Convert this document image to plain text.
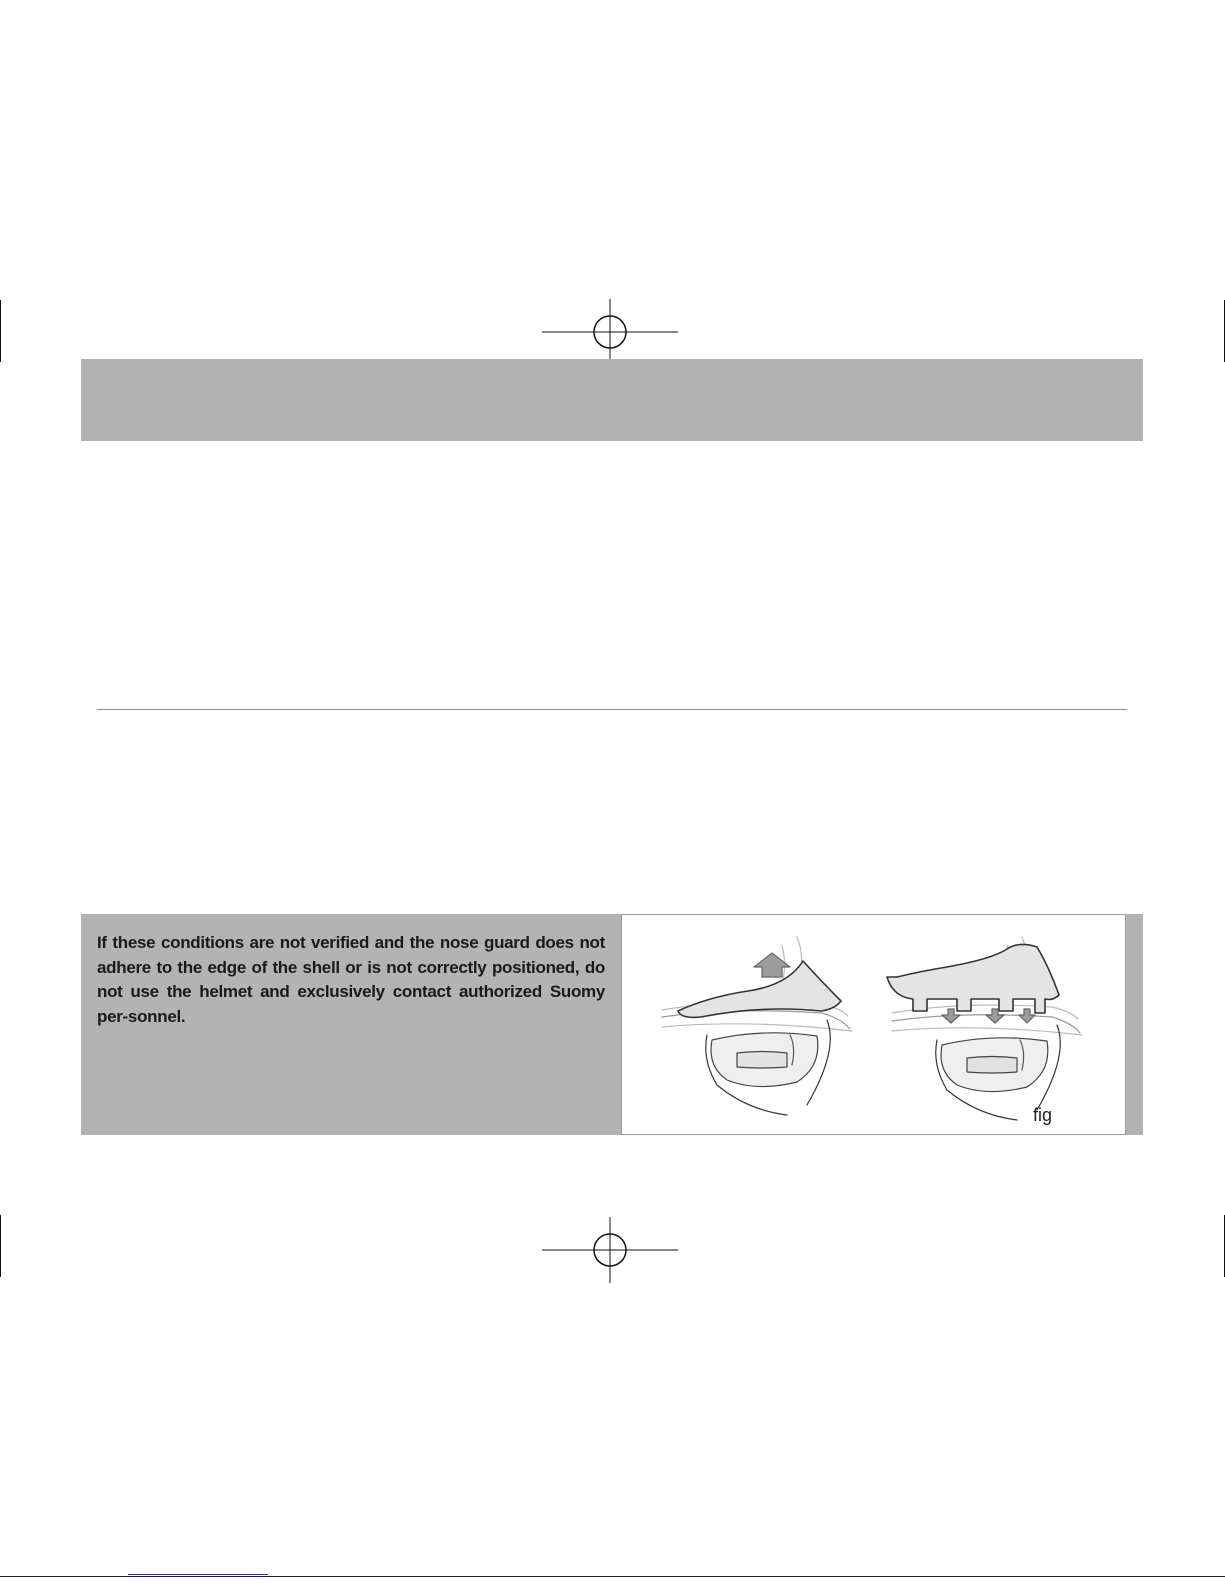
If these conditions are not verified and the nose guard does not adhere to the edge of the shell or is not correctly positioned, do not use the helmet and exclusively contact authorized Suomy per-sonnel.

fig
